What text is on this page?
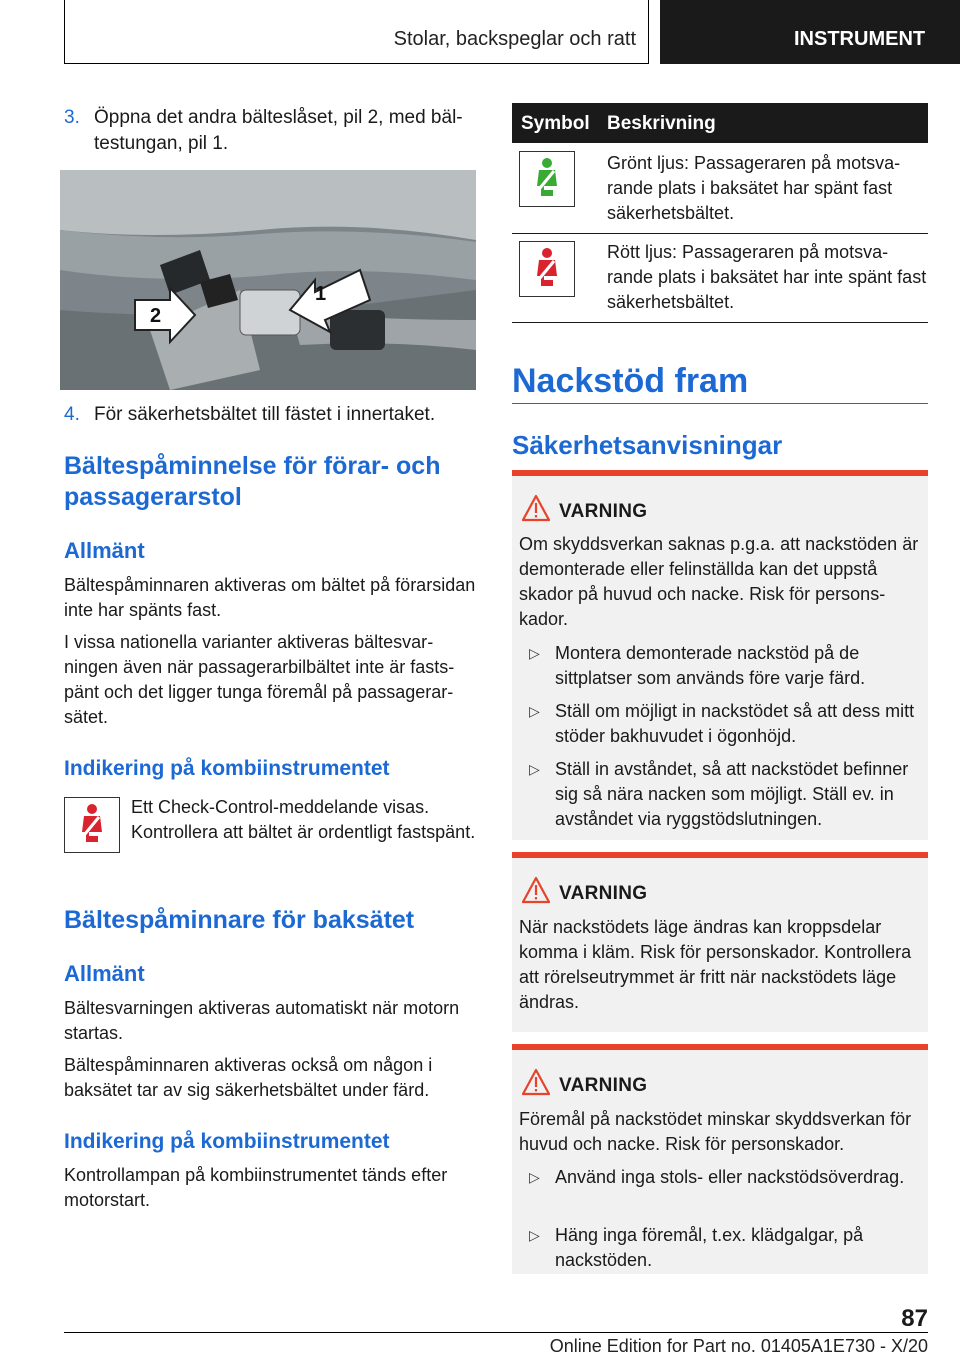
Stolar, backspeglar och ratt	INSTRUMENT
3. Öppna det andra bälteslåset, pil 2, med bältestungan, pil 1.
2
1
4. För säkerhetsbältet till fästet i innertaket.
Bältespåminnelse för förar- och passagerarstol
Allmänt
Bältespåminnaren aktiveras om bältet på förarsidan inte har spänts fast.
I vissa nationella varianter aktiveras bältesvarningen även när passagerarbilbältet inte är fastspänt och det ligger tunga föremål på passagerarsätet.
Indikering på kombiinstrumentet
Ett Check-Control-meddelande visas. Kontrollera att bältet är ordentligt fastspänt.
Bältespåminnare för baksätet
Allmänt
Bältesvarningen aktiveras automatiskt när motorn startas.
Bältespåminnaren aktiveras också om någon i baksätet tar av sig säkerhetsbältet under färd.
Indikering på kombiinstrumentet
Kontrollampan på kombiinstrumentet tänds efter motorstart.
Symbol Beskrivning
Grönt ljus: Passageraren på motsvarande plats i baksätet har spänt fast säkerhetsbältet.
Rött ljus: Passageraren på motsvarande plats i baksätet har inte spänt fast säkerhetsbältet.
Nackstöd fram
Säkerhetsanvisningar
VARNING
Om skyddsverkan saknas p.g.a. att nackstöden är demonterade eller felinställda kan det uppstå skador på huvud och nacke. Risk för personskador.
▷ Montera demonterade nackstöd på de sittplatser som används före varje färd.
▷ Ställ om möjligt in nackstödet så att dess mitt stöder bakhuvudet i ögonhöjd.
▷ Ställ in avståndet, så att nackstödet befinner sig så nära nacken som möjligt. Ställ ev. in avståndet via ryggstödslutningen.
VARNING
När nackstödets läge ändras kan kroppsdelar komma i kläm. Risk för personskador. Kontrollera att rörelseutrymmet är fritt när nackstödets läge ändras.
VARNING
Föremål på nackstödet minskar skyddsverkan för huvud och nacke. Risk för personskador.
▷ Använd inga stols- eller nackstödsöverdrag.
▷ Häng inga föremål, t.ex. klädgalgar, på nackstöden.
87
Online Edition for Part no. 01405A1E730 - X/20
